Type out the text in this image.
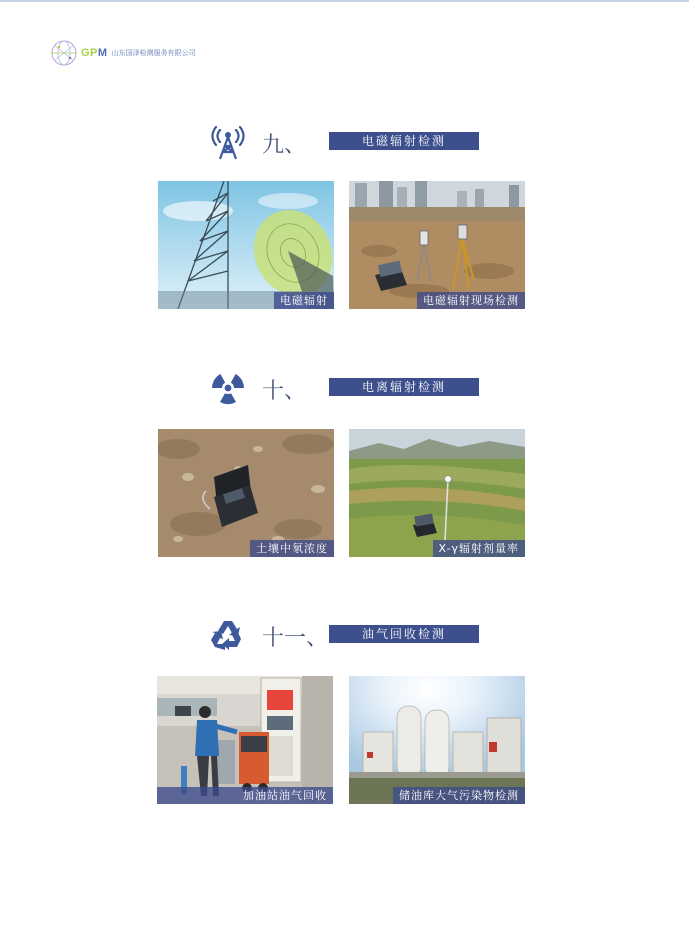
GPM 山东国泽检测服务有限公司
九、	电磁辐射检测
电磁辐射	电磁辐射现场检测
十、	电离辐射检测
土壤中氡浓度	X-γ辐射剂量率
十一、	油气回收检测
加油站油气回收	储油库大气污染物检测
